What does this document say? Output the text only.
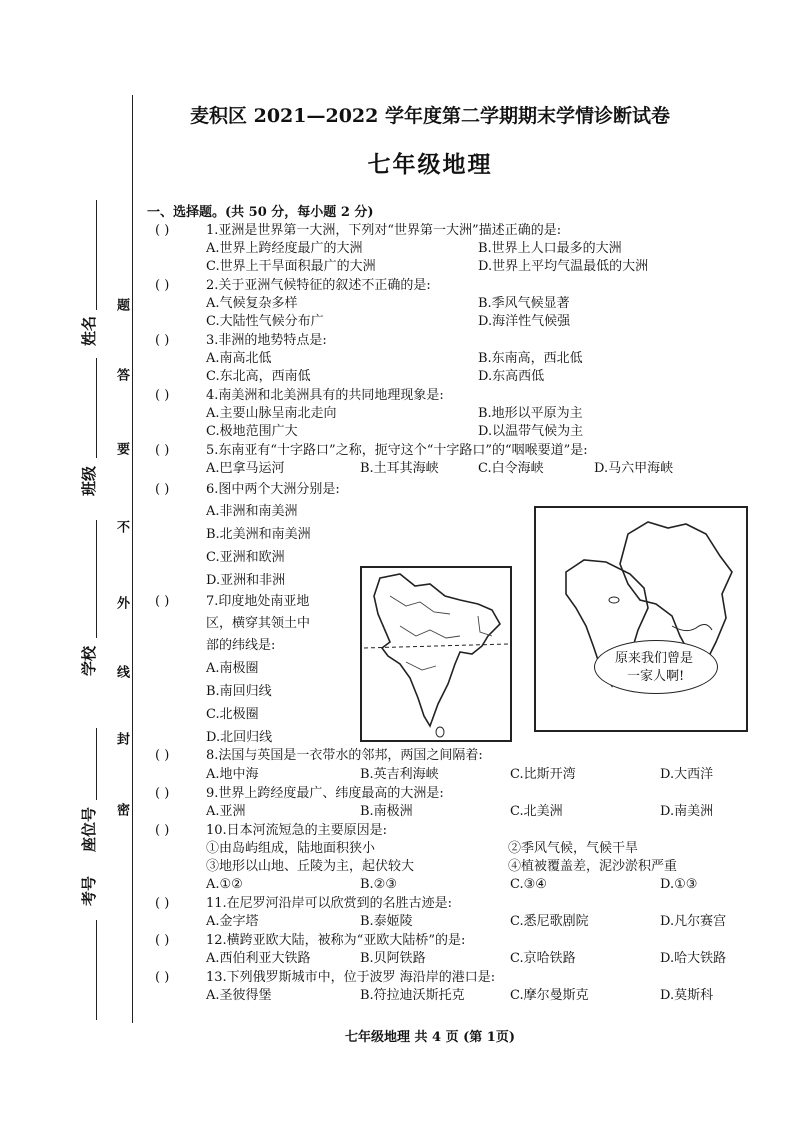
麦积区 2021—2022 学年度第二学期期末学情诊断试卷
七年级地理
题
答
要
不
外
线
封
密
姓名
班级
学校
座位号
考号
一、选择题。(共 50 分，每小题 2 分)
( )	1.亚洲是世界第一大洲，下列对“世界第一大洲”描述正确的是:
A.世界上跨经度最广的大洲	B.世界上人口最多的大洲
C.世界上干旱面积最广的大洲	D.世界上平均气温最低的大洲
( )	2.关于亚洲气候特征的叙述不正确的是:
A.气候复杂多样	B.季风气候显著
C.大陆性气候分布广	D.海洋性气候强
( )	3.非洲的地势特点是:
A.南高北低	B.东南高，西北低
C.东北高，西南低	D.东高西低
( )	4.南美洲和北美洲具有的共同地理现象是:
A.主要山脉呈南北走向	B.地形以平原为主
C.极地范围广大	D.以温带气候为主
( )	5.东南亚有“十字路口”之称，扼守这个“十字路口”的“咽喉要道”是:
A.巴拿马运河	B.土耳其海峡	C.白令海峡	D.马六甲海峡
( )	6.图中两个大洲分别是:
A.非洲和南美洲
B.北美洲和南美洲
C.亚洲和欧洲
D.亚洲和非洲
( )	7.印度地处南亚地
区，横穿其领土中
部的纬线是:
A.南极圈
B.南回归线
C.北极圈
D.北回归线
原来我们曾是
一家人啊!
( )	8.法国与英国是一衣带水的邻邦，两国之间隔着:
A.地中海	B.英吉利海峡	C.比斯开湾	D.大西洋
( )	9.世界上跨经度最广、纬度最高的大洲是:
A.亚洲	B.南极洲	C.北美洲	D.南美洲
( )	10.日本河流短急的主要原因是:
①由岛屿组成，陆地面积狭小	②季风气候，气候干旱
③地形以山地、丘陵为主，起伏较大	④植被覆盖差，泥沙淤积严重
A.①②	B.②③	C.③④	D.①③
( )	11.在尼罗河沿岸可以欣赏到的名胜古迹是:
A.金字塔	B.泰姬陵	C.悉尼歌剧院	D.凡尔赛宫
( )	12.横跨亚欧大陆，被称为“亚欧大陆桥”的是:
A.西伯利亚大铁路	B.贝阿铁路	C.京哈铁路	D.哈大铁路
( )	13.下列俄罗斯城市中，位于波罗 海沿岸的港口是:
A.圣彼得堡	B.符拉迪沃斯托克	C.摩尔曼斯克	D.莫斯科
七年级地理 共 4 页 (第 1页)
